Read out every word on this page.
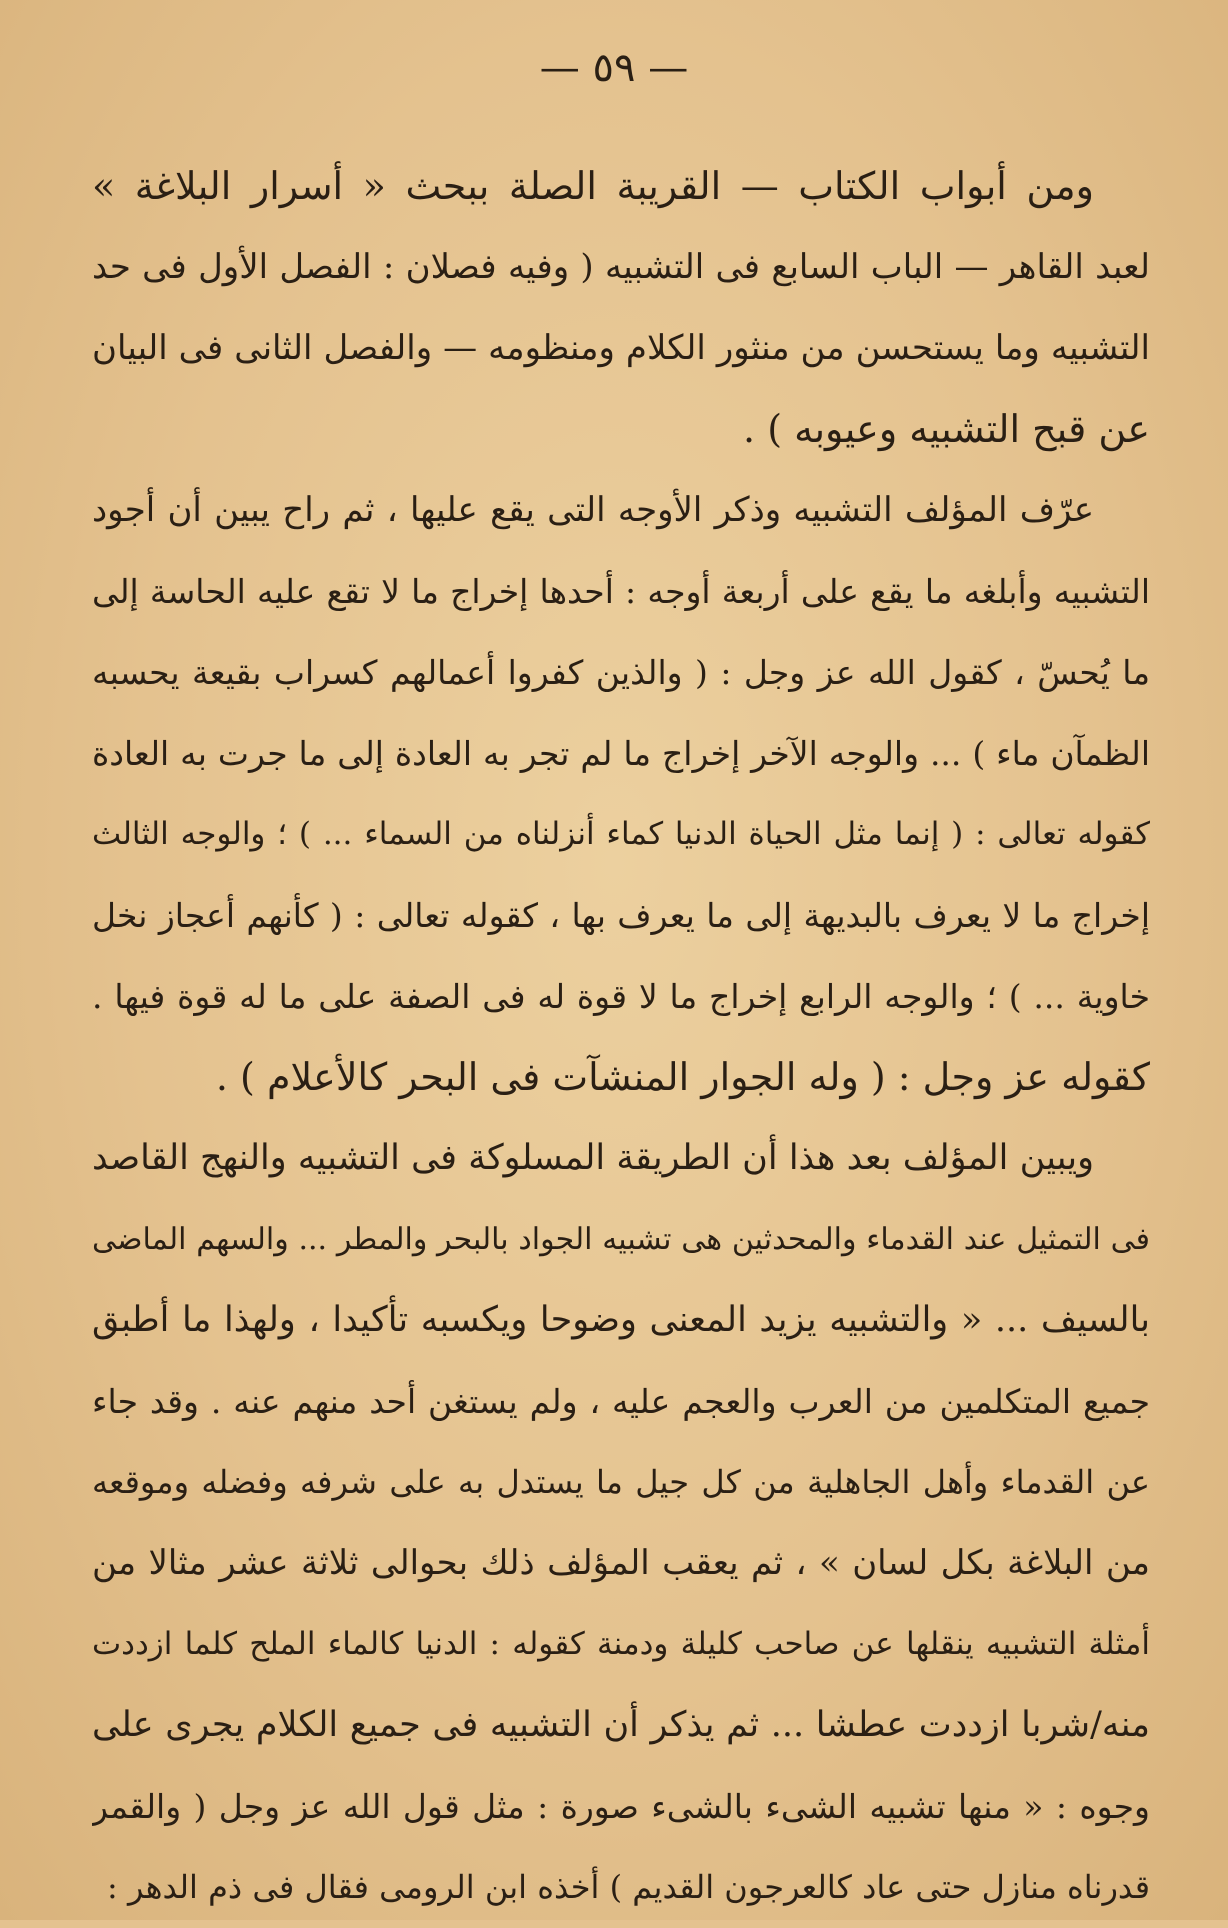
— ٥٩ —
ومن أبواب الكتاب — القريبة الصلة ببحث « أسرار البلاغة »
لعبد القاهر — الباب السابع فى التشبيه ( وفيه فصلان : الفصل الأول فى حد
التشبيه وما يستحسن من منثور الكلام ومنظومه — والفصل الثانى فى البيان
عن قبح التشبيه وعيوبه ) .
عرّف المؤلف التشبيه وذكر الأوجه التى يقع عليها ، ثم راح يبين أن أجود
التشبيه وأبلغه ما يقع على أربعة أوجه : أحدها إخراج ما لا تقع عليه الحاسة إلى
ما يُحسّ ، كقول الله عز وجل : ( والذين كفروا أعمالهم كسراب بقيعة يحسبه
الظمآن ماء ) ... والوجه الآخر إخراج ما لم تجر به العادة إلى ما جرت به العادة
كقوله تعالى : ( إنما مثل الحياة الدنيا كماء أنزلناه من السماء ... ) ؛ والوجه الثالث
إخراج ما لا يعرف بالبديهة إلى ما يعرف بها ، كقوله تعالى : ( كأنهم أعجاز نخل
خاوية ... ) ؛ والوجه الرابع إخراج ما لا قوة له فى الصفة على ما له قوة فيها .
كقوله عز وجل : ( وله الجوار المنشآت فى البحر كالأعلام ) .
ويبين المؤلف بعد هذا أن الطريقة المسلوكة فى التشبيه والنهج القاصد
فى التمثيل عند القدماء والمحدثين هى تشبيه الجواد بالبحر والمطر ... والسهم الماضى
بالسيف ... « والتشبيه يزيد المعنى وضوحا ويكسبه تأكيدا ، ولهذا ما أطبق
جميع المتكلمين من العرب والعجم عليه ، ولم يستغن أحد منهم عنه . وقد جاء
عن القدماء وأهل الجاهلية من كل جيل ما يستدل به على شرفه وفضله وموقعه
من البلاغة بكل لسان » ، ثم يعقب المؤلف ذلك بحوالى ثلاثة عشر مثالا من
أمثلة التشبيه ينقلها عن صاحب كليلة ودمنة كقوله : الدنيا كالماء الملح كلما ازددت
منه/شربا ازددت عطشا ... ثم يذكر أن التشبيه فى جميع الكلام يجرى على
وجوه : « منها تشبيه الشىء بالشىء صورة : مثل قول الله عز وجل ( والقمر
قدرناه منازل حتى عاد كالعرجون القديم ) أخذه ابن الرومى فقال فى ذم الدهر :
